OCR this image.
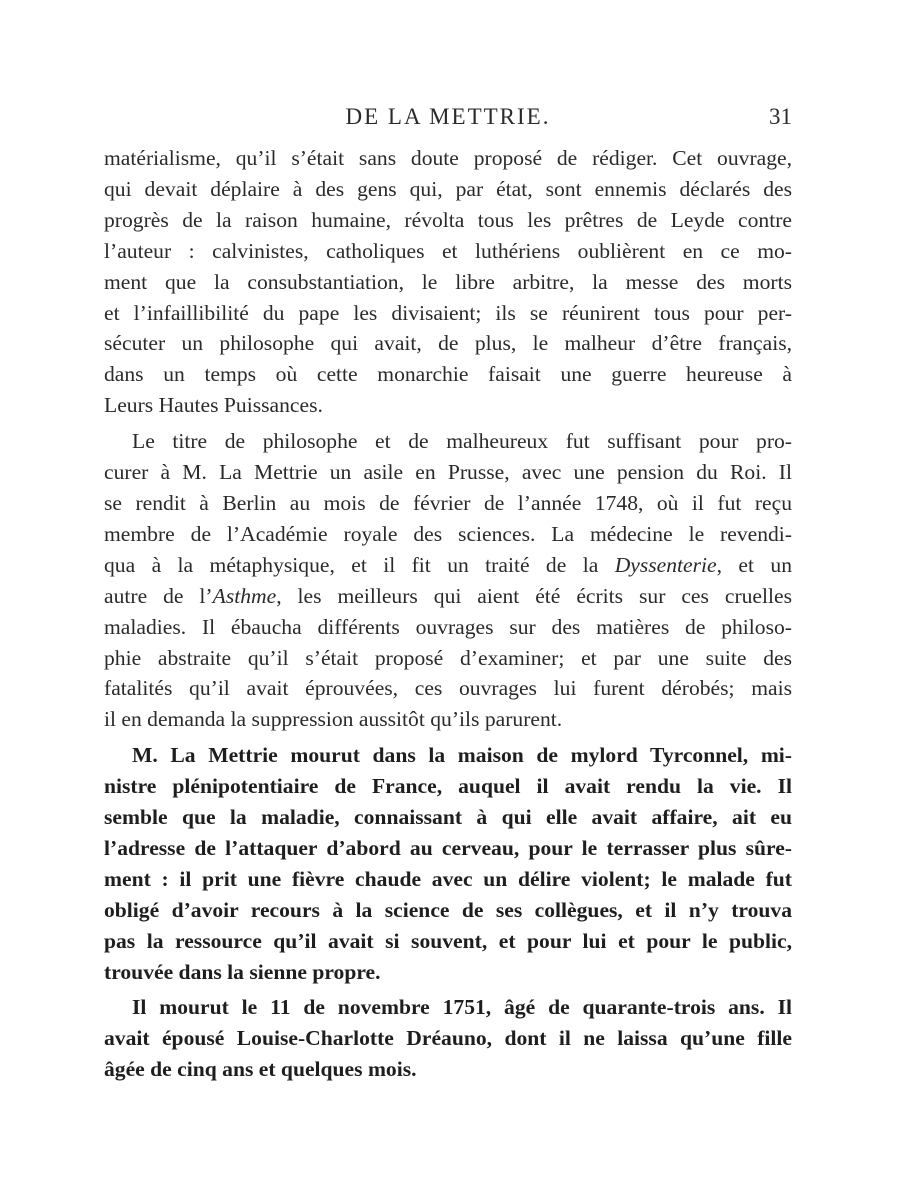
DE LA METTRIE.	31
matérialisme, qu’il s’était sans doute proposé de rédiger. Cet ouvrage,
qui devait déplaire à des gens qui, par état, sont ennemis déclarés des
progrès de la raison humaine, révolta tous les prêtres de Leyde contre
l’auteur : calvinistes, catholiques et luthériens oublièrent en ce mo-
ment que la consubstantiation, le libre arbitre, la messe des morts
et l’infaillibilité du pape les divisaient; ils se réunirent tous pour per-
sécuter un philosophe qui avait, de plus, le malheur d’être français,
dans un temps où cette monarchie faisait une guerre heureuse à
Leurs Hautes Puissances.
Le titre de philosophe et de malheureux fut suffisant pour pro-
curer à M. La Mettrie un asile en Prusse, avec une pension du Roi. Il
se rendit à Berlin au mois de février de l’année 1748, où il fut reçu
membre de l’Académie royale des sciences. La médecine le revendi-
qua à la métaphysique, et il fit un traité de la Dyssenterie, et un
autre de l’Asthme, les meilleurs qui aient été écrits sur ces cruelles
maladies. Il ébaucha différents ouvrages sur des matières de philoso-
phie abstraite qu’il s’était proposé d’examiner; et par une suite des
fatalités qu’il avait éprouvées, ces ouvrages lui furent dérobés; mais
il en demanda la suppression aussitôt qu’ils parurent.
M. La Mettrie mourut dans la maison de mylord Tyrconnel, mi-
nistre plénipotentiaire de France, auquel il avait rendu la vie. Il
semble que la maladie, connaissant à qui elle avait affaire, ait eu
l’adresse de l’attaquer d’abord au cerveau, pour le terrasser plus sûre-
ment : il prit une fièvre chaude avec un délire violent; le malade fut
obligé d’avoir recours à la science de ses collègues, et il n’y trouva
pas la ressource qu’il avait si souvent, et pour lui et pour le public,
trouvée dans la sienne propre.
Il mourut le 11 de novembre 1751, âgé de quarante-trois ans. Il
avait épousé Louise-Charlotte Dréauno, dont il ne laissa qu’une fille
âgée de cinq ans et quelques mois.
